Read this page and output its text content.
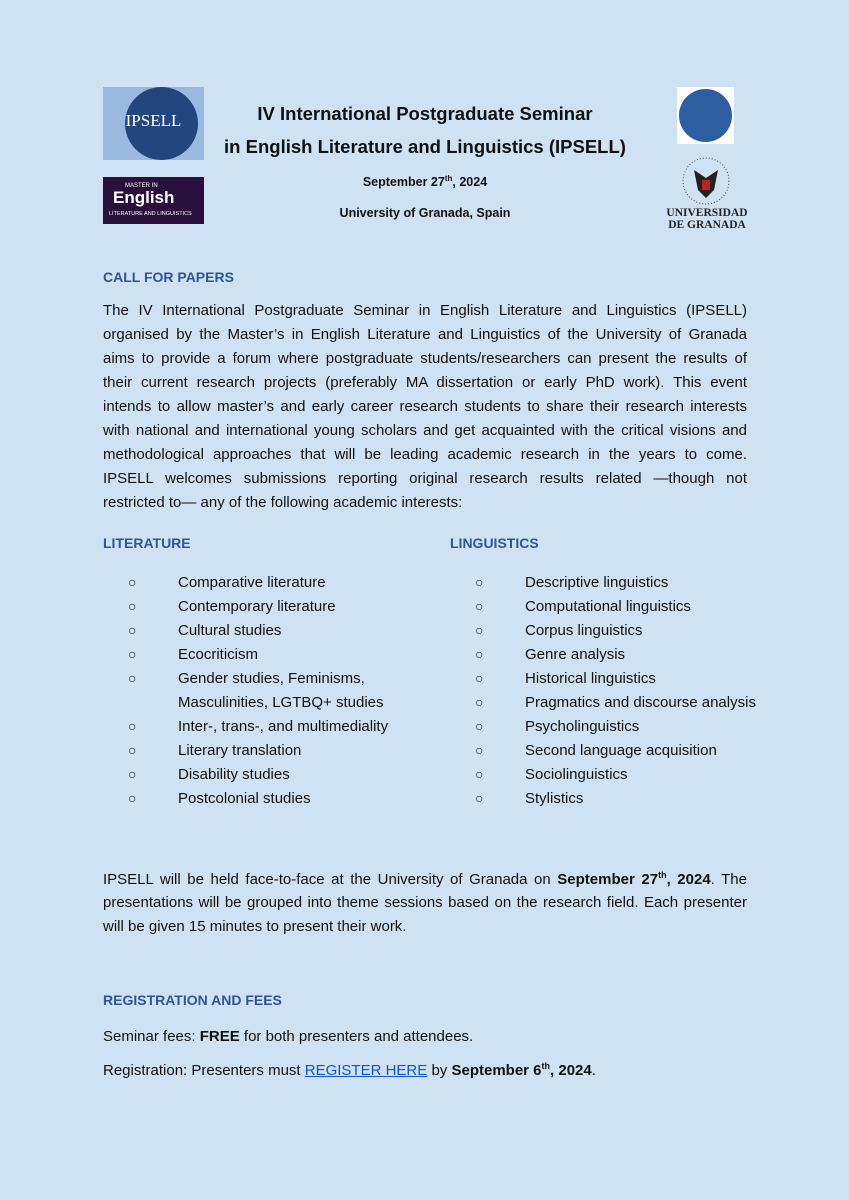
IPSELL
MASTER IN
English
LITERATURE AND LINGUISTICS	UNIVERSIDAD
DE GRANADA
IV International Postgraduate Seminar
in English Literature and Linguistics (IPSELL)
September 27th, 2024
University of Granada, Spain
CALL FOR PAPERS
The IV International Postgraduate Seminar in English Literature and Linguistics (IPSELL)
organised by the Master’s in English Literature and Linguistics of the University of Granada
aims to provide a forum where postgraduate students/researchers can present the results of
their current research projects (preferably MA dissertation or early PhD work). This event
intends to allow master’s and early career research students to share their research interests
with national and international young scholars and get acquainted with the critical visions and
methodological approaches that will be leading academic research in the years to come.
IPSELL welcomes submissions reporting original research results related —though not
restricted to— any of the following academic interests:
LITERATURE	LINGUISTICS
○	Comparative literature
○	Contemporary literature
○	Cultural studies
○	Ecocriticism
○	Gender studies, Feminisms,
Masculinities, LGTBQ+ studies
○	Inter-, trans-, and multimediality
○	Literary translation
○	Disability studies
○	Postcolonial studies
○	Descriptive linguistics
○	Computational linguistics
○	Corpus linguistics
○	Genre analysis
○	Historical linguistics
○	Pragmatics and discourse analysis
○	Psycholinguistics
○	Second language acquisition
○	Sociolinguistics
○	Stylistics
IPSELL will be held face-to-face at the University of Granada on September 27th, 2024. The
presentations will be grouped into theme sessions based on the research field. Each presenter
will be given 15 minutes to present their work.
REGISTRATION AND FEES
Seminar fees: FREE for both presenters and attendees.
Registration: Presenters must REGISTER HERE by September 6th, 2024.
